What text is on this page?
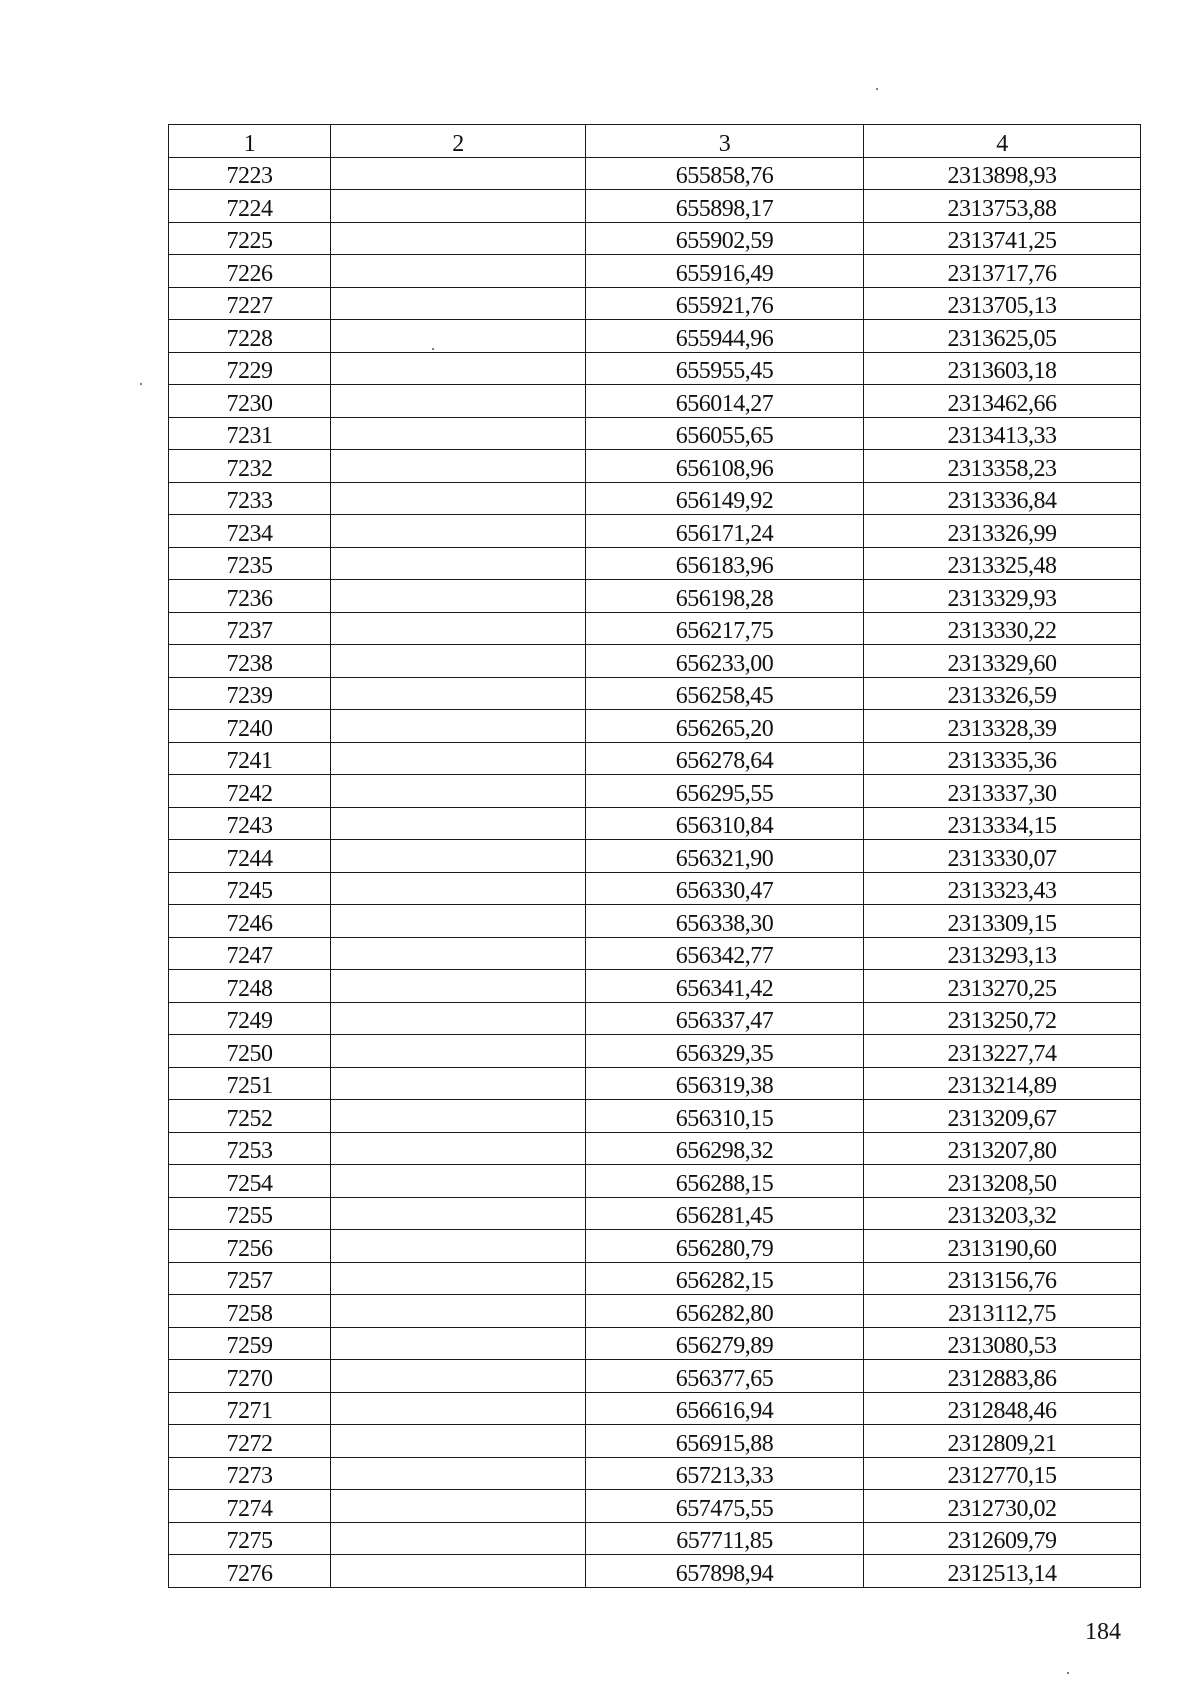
1	2	3	4
7223		655858,76	2313898,93
7224		655898,17	2313753,88
7225		655902,59	2313741,25
7226		655916,49	2313717,76
7227		655921,76	2313705,13
7228		655944,96	2313625,05
7229		655955,45	2313603,18
7230		656014,27	2313462,66
7231		656055,65	2313413,33
7232		656108,96	2313358,23
7233		656149,92	2313336,84
7234		656171,24	2313326,99
7235		656183,96	2313325,48
7236		656198,28	2313329,93
7237		656217,75	2313330,22
7238		656233,00	2313329,60
7239		656258,45	2313326,59
7240		656265,20	2313328,39
7241		656278,64	2313335,36
7242		656295,55	2313337,30
7243		656310,84	2313334,15
7244		656321,90	2313330,07
7245		656330,47	2313323,43
7246		656338,30	2313309,15
7247		656342,77	2313293,13
7248		656341,42	2313270,25
7249		656337,47	2313250,72
7250		656329,35	2313227,74
7251		656319,38	2313214,89
7252		656310,15	2313209,67
7253		656298,32	2313207,80
7254		656288,15	2313208,50
7255		656281,45	2313203,32
7256		656280,79	2313190,60
7257		656282,15	2313156,76
7258		656282,80	2313112,75
7259		656279,89	2313080,53
7270		656377,65	2312883,86
7271		656616,94	2312848,46
7272		656915,88	2312809,21
7273		657213,33	2312770,15
7274		657475,55	2312730,02
7275		657711,85	2312609,79
7276		657898,94	2312513,14
184
